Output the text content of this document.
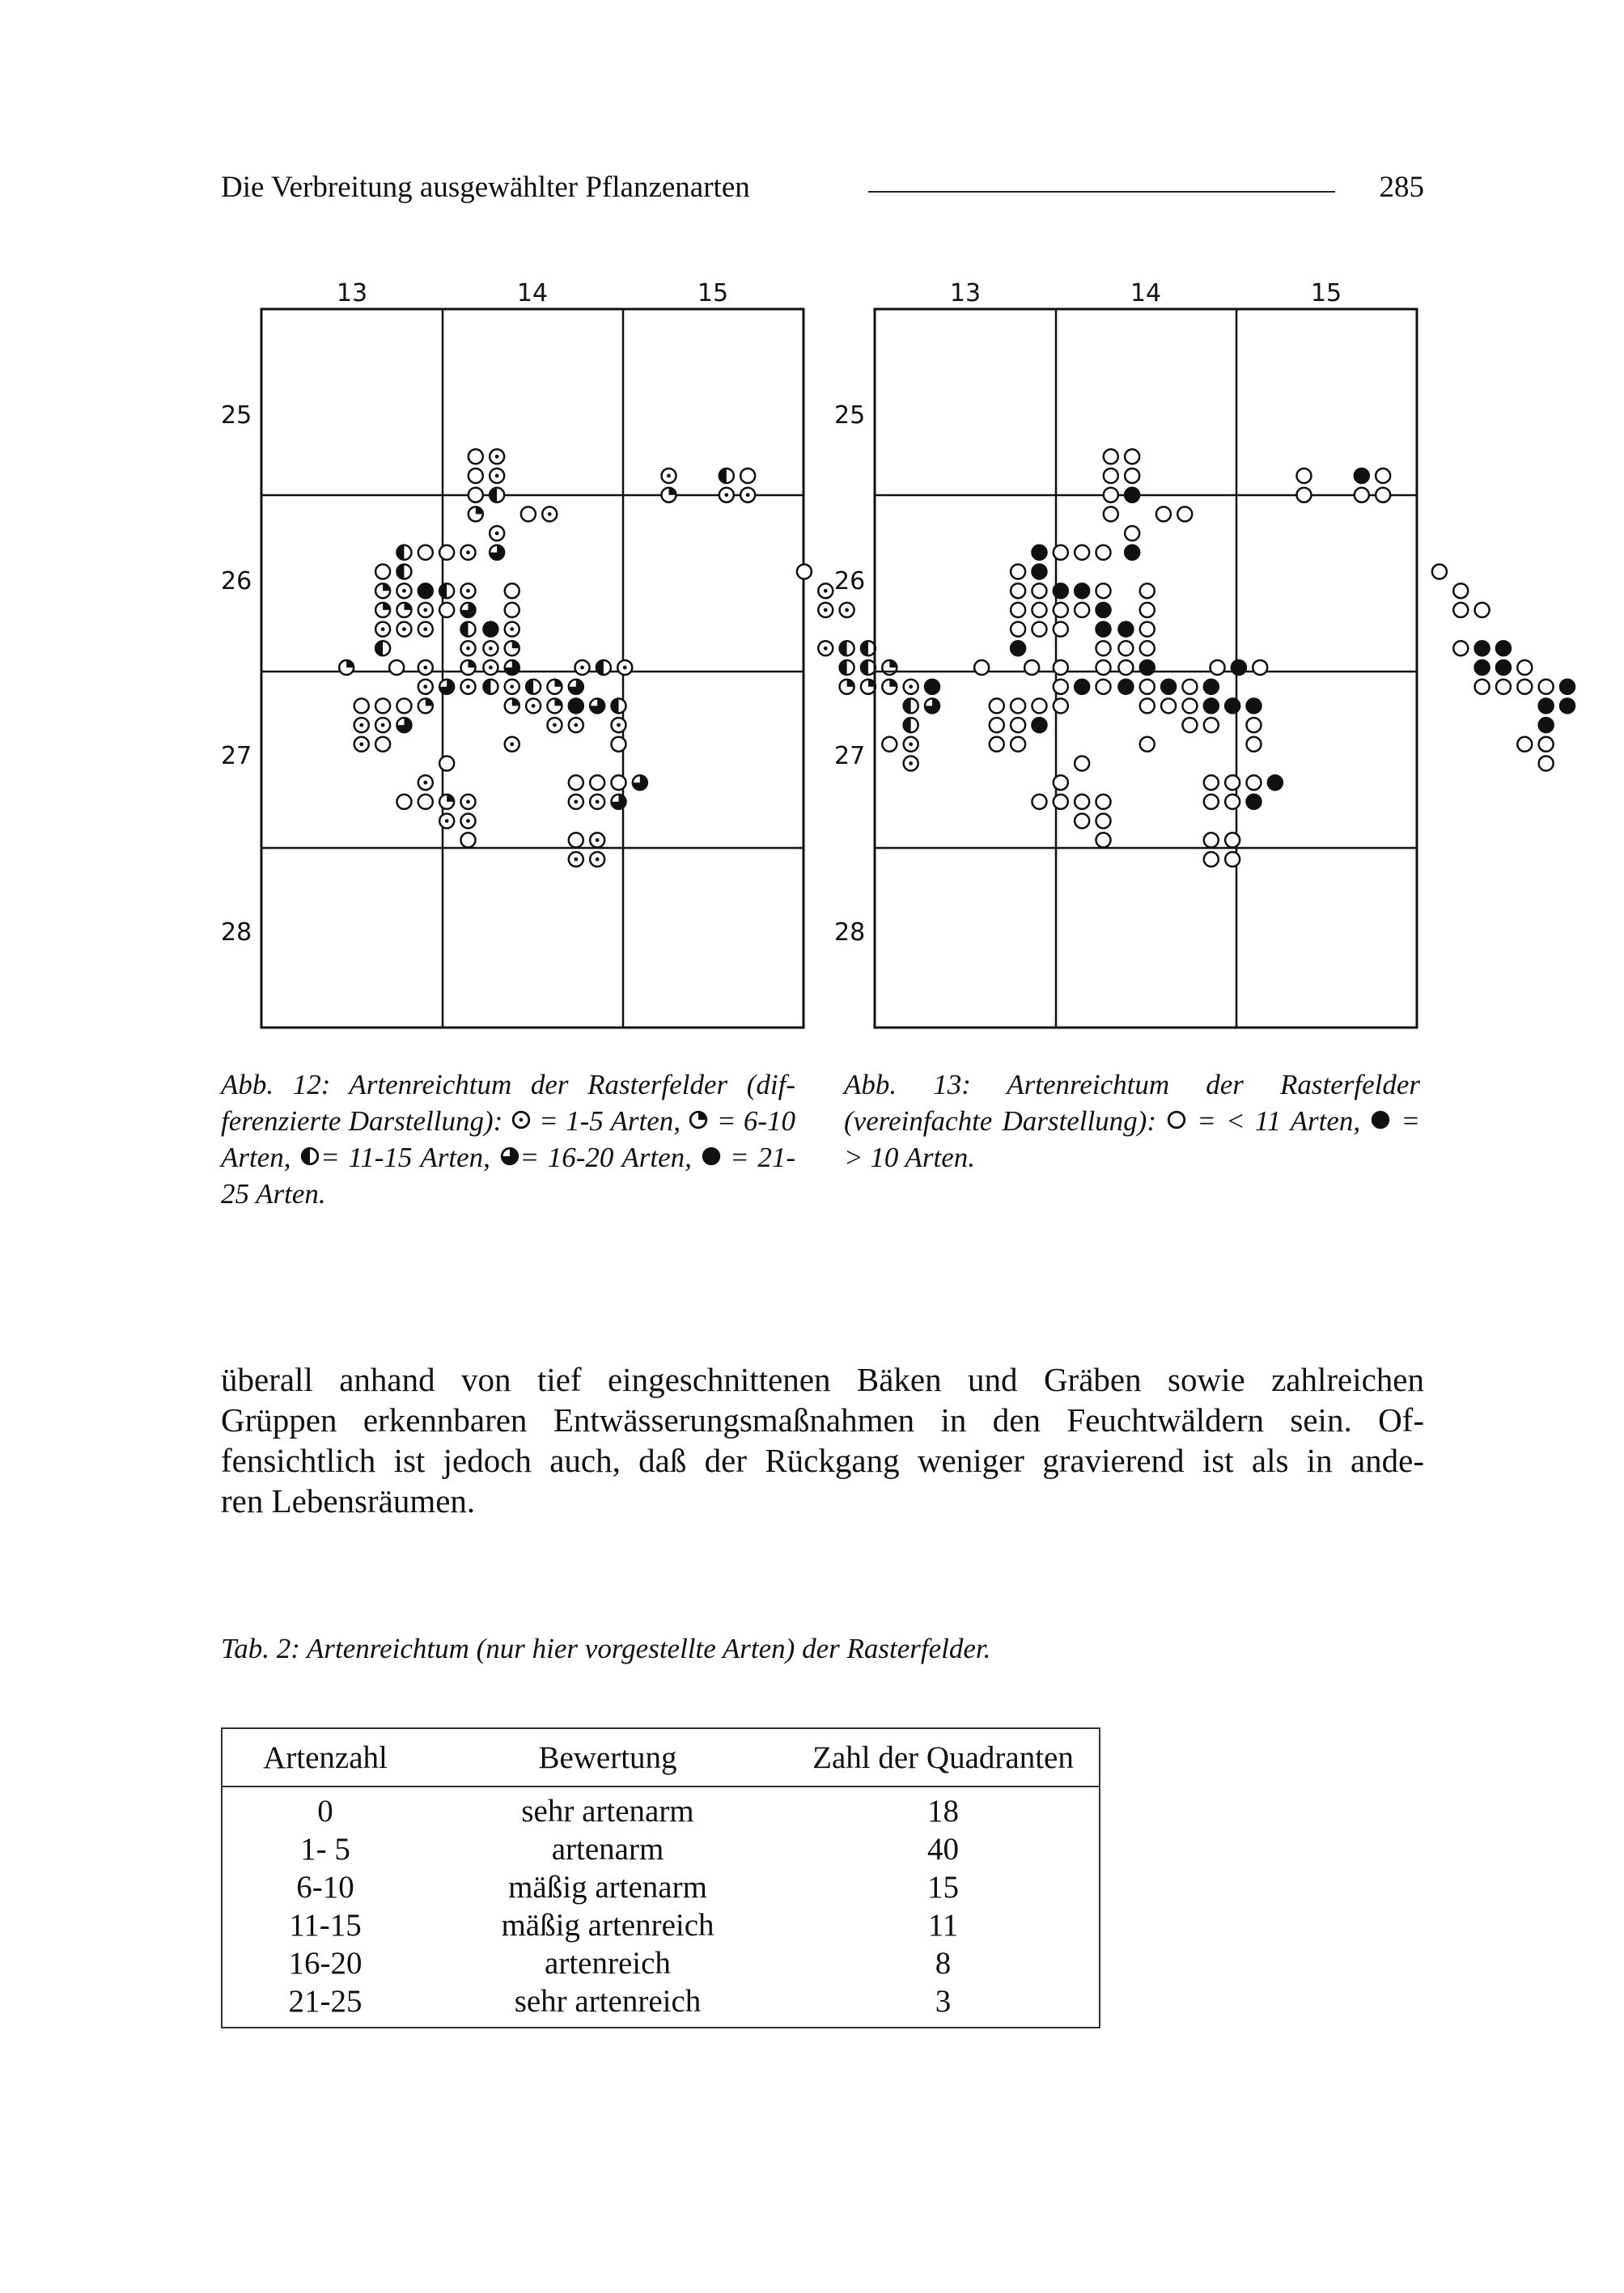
Die Verbreitung ausgewählter Pflanzenarten	285
13	14	15
25
26
27
28
13	14	15
25
26
27
28
Abb. 12: Artenreichtum der Rasterfelder (dif-ferenzierte Darstellung):  = 1-5 Arten,  = 6-10 Arten, = 11-15 Arten, = 16-20 Arten,  = 21-25 Arten.
Abb. 13: Artenreichtum der Rasterfelder (vereinfachte Darstellung):  = < 11 Arten,  = > 10 Arten.
überall anhand von tief eingeschnittenen Bäken und Gräben sowie zahlreichen
Grüppen erkennbaren Entwässerungsmaßnahmen in den Feuchtwäldern sein. Of-
fensichtlich ist jedoch auch, daß der Rückgang weniger gravierend ist als in ande-
ren Lebensräumen.
Tab. 2: Artenreichtum (nur hier vorgestellte Arten) der Rasterfelder.
Artenzahl	Bewertung	Zahl der Quadranten
0	sehr artenarm	18
1- 5	artenarm	40
6-10	mäßig artenarm	15
11-15	mäßig artenreich	11
16-20	artenreich	8
21-25	sehr artenreich	3
